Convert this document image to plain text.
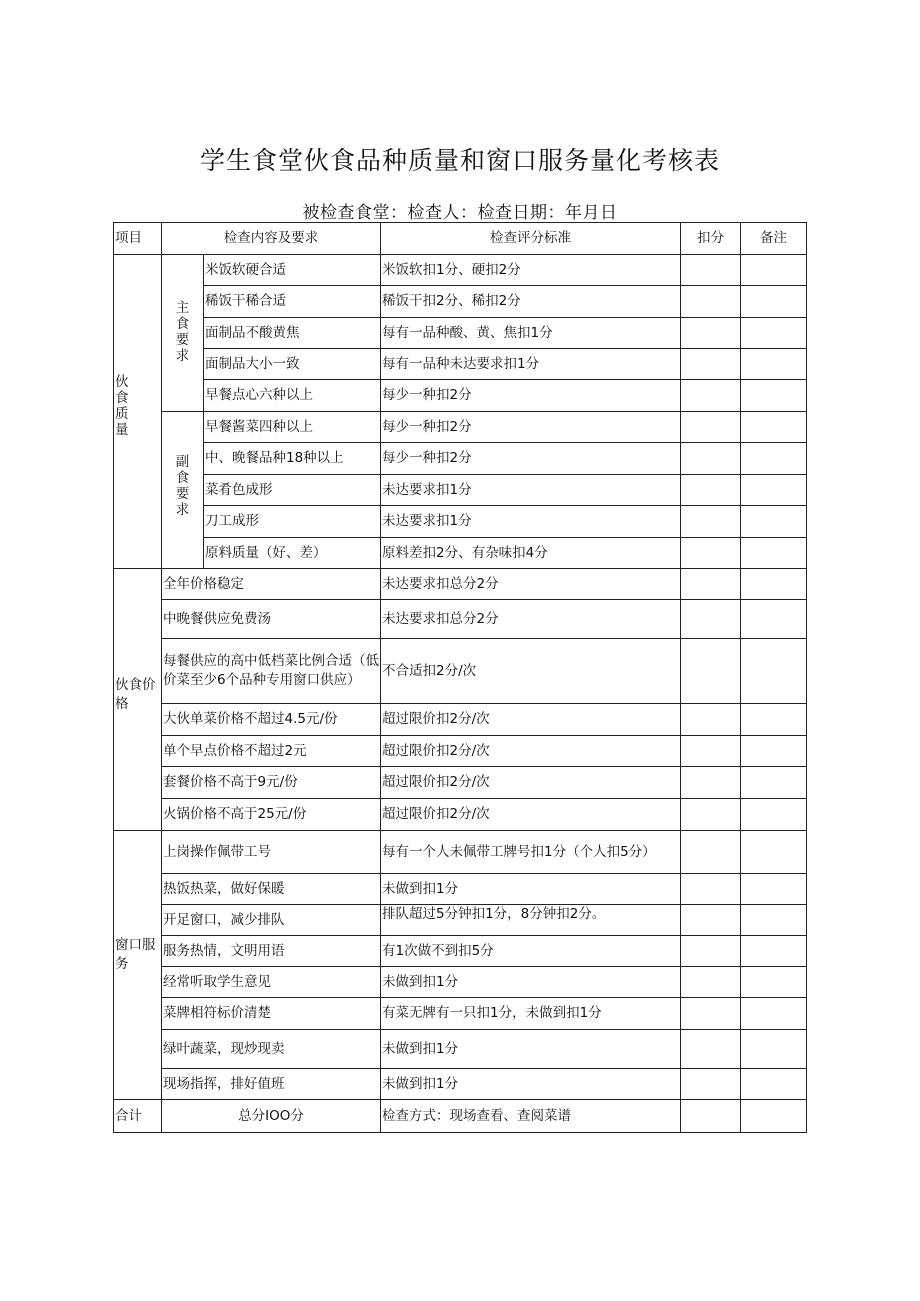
学生食堂伙食品种质量和窗口服务量化考核表
被检查食堂：检查人：检查日期：年月日
项目	检查内容及要求		检查评分标准	扣分	备注
伙食质量	主食要求	米饭软硬合适	米饭软扣1分、硬扣2分		
		稀饭干稀合适	稀饭干扣2分、稀扣2分		
		面制品不酸黄焦	每有一品种酸、黄、焦扣1分		
		面制品大小一致	每有一品种未达要求扣1分		
		早餐点心六种以上	每少一种扣2分		
	副食要求	早餐酱菜四种以上	每少一种扣2分		
		中、晚餐品种18种以上	每少一种扣2分		
		菜肴色成形	未达要求扣1分		
		刀工成形	未达要求扣1分		
		原料质量（好、差）	原料差扣2分、有杂味扣4分		
伙食价格	全年价格稳定		未达要求扣总分2分		
	中晚餐供应免费汤		未达要求扣总分2分		
	每餐供应的高中低档菜比例合适（低价菜至少6个品种专用窗口供应）		不合适扣2分/次		
	大伙单菜价格不超过4.5元/份		超过限价扣2分/次		
	单个早点价格不超过2元		超过限价扣2分/次		
	套餐价格不高于9元/份		超过限价扣2分/次		
	火锅价格不高于25元/份		超过限价扣2分/次		
窗口服务	上岗操作佩带工号		每有一个人未佩带工牌号扣1分（个人扣5分）		
	热饭热菜，做好保暖		未做到扣1分		
	开足窗口，减少排队		排队超过5分钟扣1分，8分钟扣2分。		
	服务热情，文明用语		有1次做不到扣5分		
	经常听取学生意见		未做到扣1分		
	菜牌相符标价清楚		有菜无牌有一只扣1分，未做到扣1分		
	绿叶蔬菜，现炒现卖		未做到扣1分		
	现场指挥，排好值班		未做到扣1分		
合计	总分IOO分		检查方式：现场查看、查阅菜谱		
